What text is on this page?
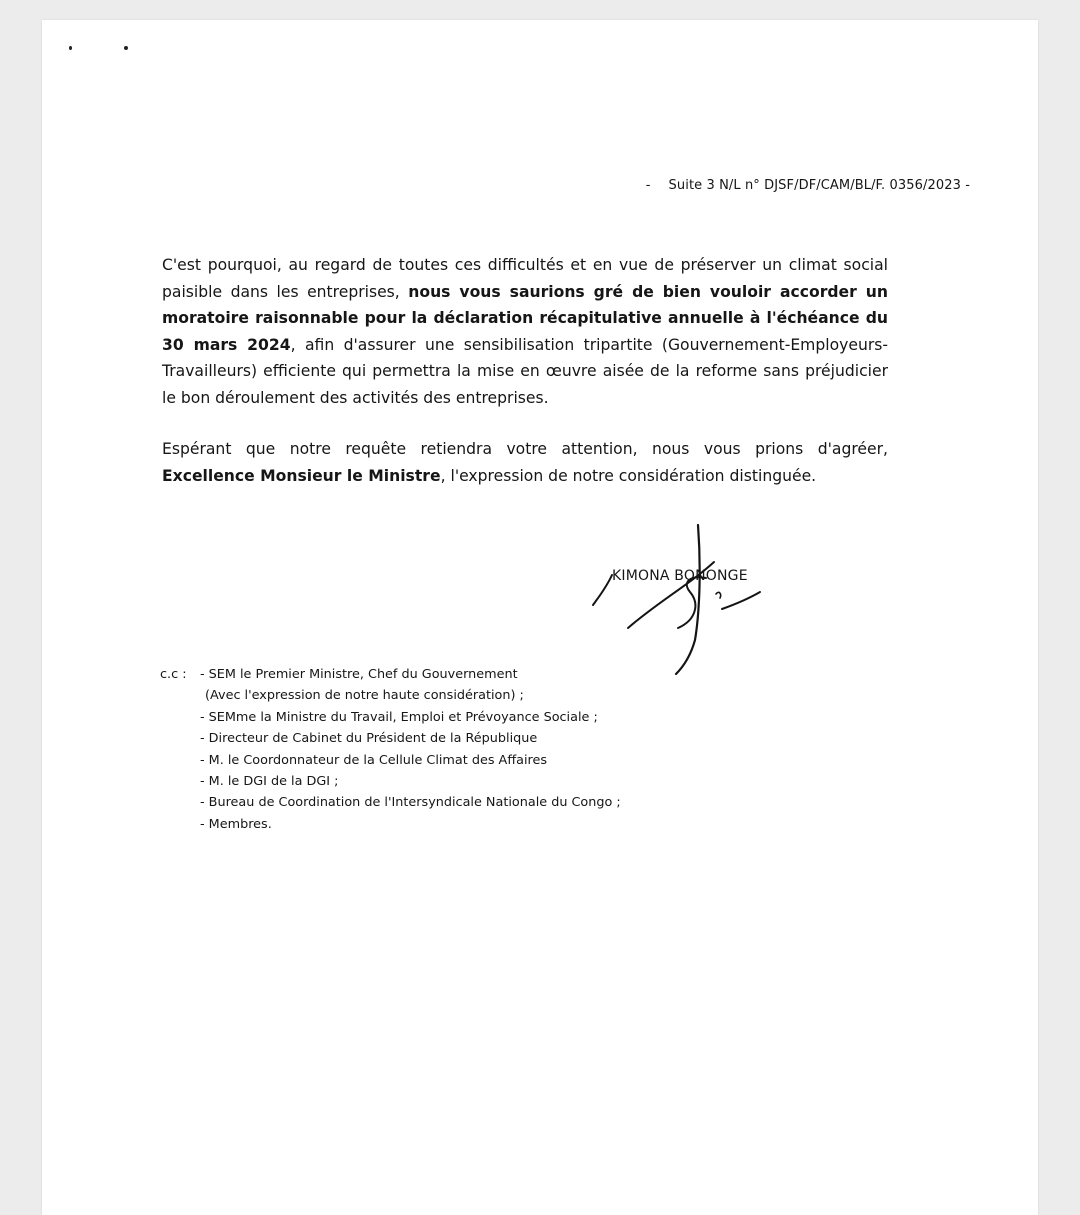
- Suite 3 N/L n° DJSF/DF/CAM/BL/F. 0356/2023 -

C'est pourquoi, au regard de toutes ces difficultés et en vue de préserver un climat social paisible dans les entreprises, nous vous saurions gré de bien vouloir accorder un moratoire raisonnable pour la déclaration récapitulative annuelle à l'échéance du 30 mars 2024, afin d'assurer une sensibilisation tripartite (Gouvernement-Employeurs-Travailleurs) efficiente qui permettra la mise en œuvre aisée de la reforme sans préjudicier le bon déroulement des activités des entreprises.

Espérant que notre requête retiendra votre attention, nous vous prions d'agréer, Excellence Monsieur le Ministre, l'expression de notre considération distinguée.

KIMONA BONONGE
c.c : - SEM le Premier Ministre, Chef du Gouvernement
(Avec l'expression de notre haute considération) ;
- SEMme la Ministre du Travail, Emploi et Prévoyance Sociale ;
- Directeur de Cabinet du Président de la République
- M. le Coordonnateur de la Cellule Climat des Affaires
- M. le DGI de la DGI ;
- Bureau de Coordination de l'Intersyndicale Nationale du Congo ;
- Membres.
